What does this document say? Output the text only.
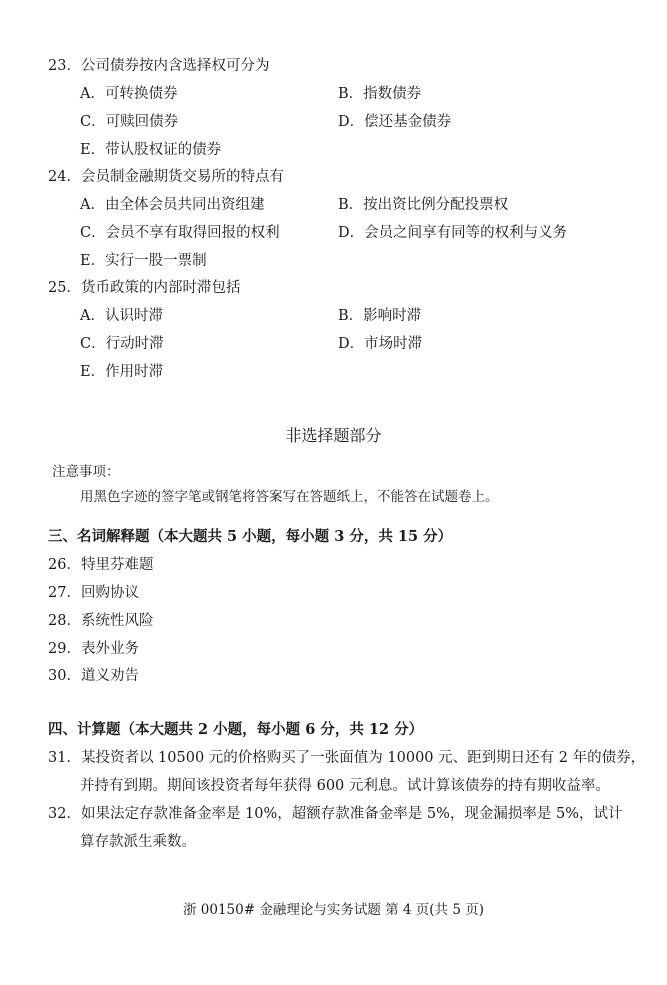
23．公司债券按内含选择权可分为
A．可转换债券	B．指数债券
C．可赎回债券	D．偿还基金债券
E．带认股权证的债券
24．会员制金融期货交易所的特点有
A．由全体会员共同出资组建	B．按出资比例分配投票权
C．会员不享有取得回报的权利	D．会员之间享有同等的权利与义务
E．实行一股一票制
25．货币政策的内部时滞包括
A．认识时滞	B．影响时滞
C．行动时滞	D．市场时滞
E．作用时滞
非选择题部分
注意事项：
用黑色字迹的签字笔或钢笔将答案写在答题纸上，不能答在试题卷上。
三、名词解释题（本大题共 5 小题，每小题 3 分，共 15 分）
26．特里芬难题
27．回购协议
28．系统性风险
29．表外业务
30．道义劝告
四、计算题（本大题共 2 小题，每小题 6 分，共 12 分）
31．某投资者以 10500 元的价格购买了一张面值为 10000 元、距到期日还有 2 年的债券，
并持有到期。期间该投资者每年获得 600 元利息。试计算该债券的持有期收益率。
32．如果法定存款准备金率是 10%，超额存款准备金率是 5%，现金漏损率是 5%，试计
算存款派生乘数。
浙 00150# 金融理论与实务试题 第 4 页(共 5 页)
